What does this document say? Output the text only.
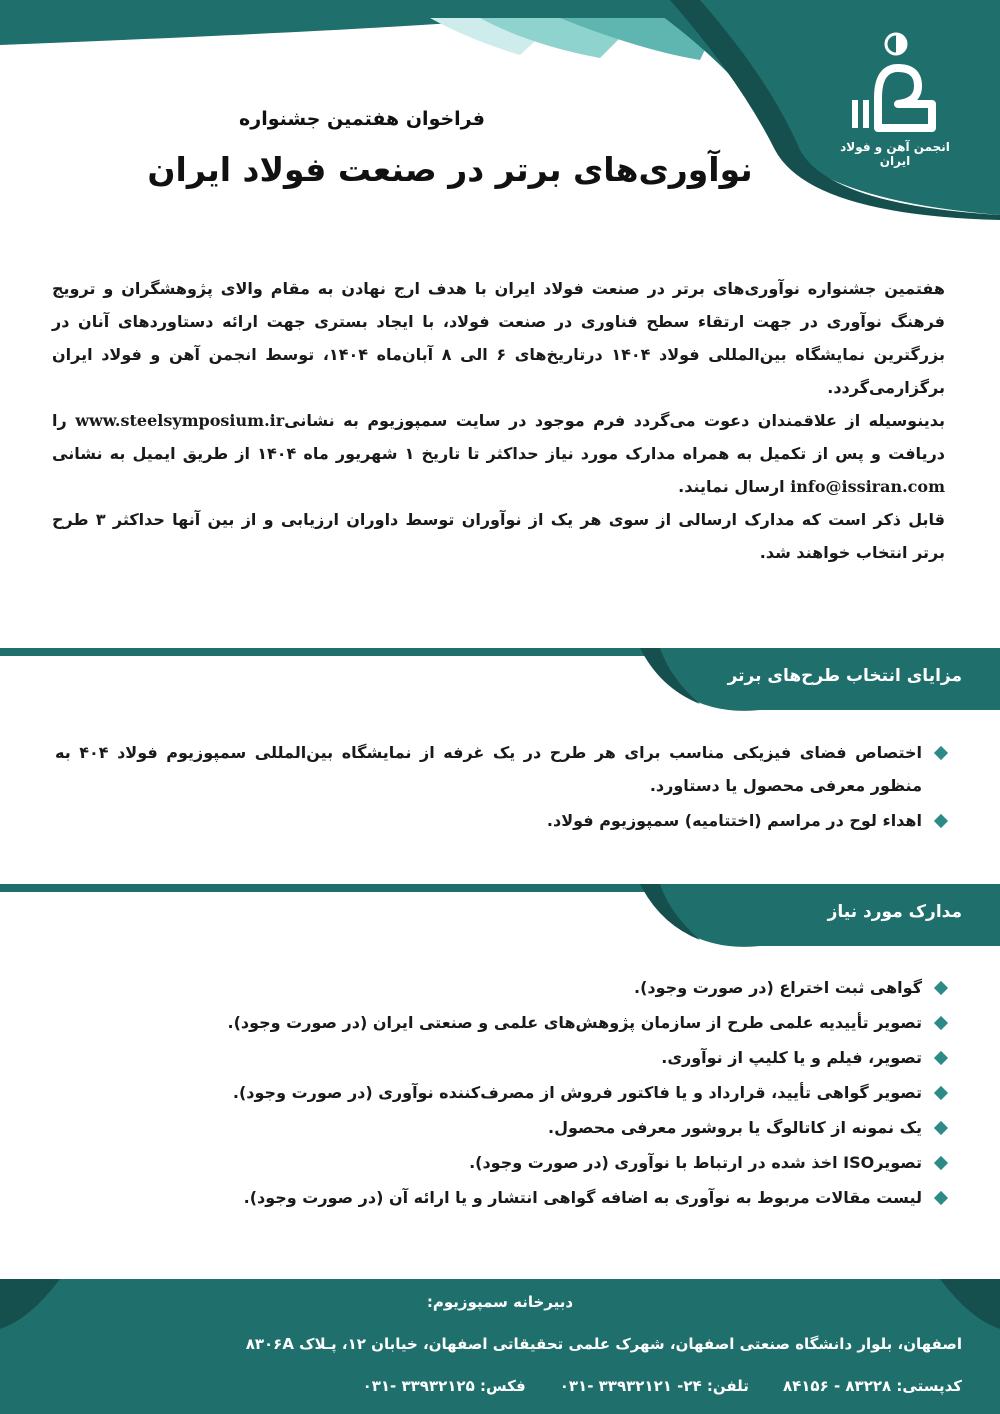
انجمن آهن و فولاد ایران
فراخوان هفتمین جشنواره
نوآوری‌های برتر در صنعت فولاد ایران

هفتمین جشنواره نوآوری‌های برتر در صنعت فولاد ایران با هدف ارج نهادن به مقام والای پژوهشگران و ترویج فرهنگ نوآوری در جهت ارتقاء سطح فناوری در صنعت فولاد، با ایجاد بستری جهت ارائه دستاوردهای آنان در بزرگترین نمایشگاه بین‌المللی فولاد ۱۴۰۴ درتاریخ‌های ۶ الی ۸ آبان‌ماه ۱۴۰۴، توسط انجمن آهن و فولاد ایران برگزارمی‌گردد.

بدینوسیله از علاقمندان دعوت می‌گردد فرم موجود در سایت سمپوزیوم به نشانیwww.steelsymposium.ir را دریافت و پس از تکمیل به همراه مدارک مورد نیاز حداکثر تا تاریخ ۱ شهریور ماه ۱۴۰۴ از طریق ایمیل به نشانی info@issiran.com ارسال نمایند.

قابل ذکر است که مدارک ارسالی از سوی هر یک از نوآوران توسط داوران ارزیابی و از بین آنها حداکثر ۳ طرح برتر انتخاب خواهند شد.

مزایای انتخاب طرح‌های برتر
اختصاص فضای فیزیکی مناسب برای هر طرح در یک غرفه از نمایشگاه بین‌المللی سمپوزیوم فولاد ۴۰۴ به منظور معرفی محصول یا دستاورد.
اهداء لوح در مراسم (اختتامیه) سمپوزیوم فولاد.
مدارک مورد نیاز
گواهی ثبت اختراع (در صورت وجود).
تصویر تأییدیه علمی طرح از سازمان پژوهش‌های علمی و صنعتی ایران (در صورت وجود).
تصویر، فیلم و یا کلیپ از نوآوری.
تصویر گواهی تأیید، قرارداد و یا فاکتور فروش از مصرف‌کننده نوآوری (در صورت وجود).
یک نمونه از کاتالوگ یا بروشور معرفی محصول.
تصویرISO اخذ شده در ارتباط با نوآوری (در صورت وجود).
لیست مقالات مربوط به نوآوری به اضافه گواهی انتشار و یا ارائه آن (در صورت وجود).
دبیرخانه سمپوزیوم:
اصفهان، بلوار دانشگاه صنعتی اصفهان، شهرک علمی تحقیقاتی اصفهان، خیابان ۱۲، پـلاک ۸۳۰۶A
کدپستی: ۸۳۲۲۸ - ۸۴۱۵۶
تلفن: ۲۴- ۳۳۹۳۲۱۲۱ -۰۳۱
فکس: ۳۳۹۳۲۱۲۵ -۰۳۱
